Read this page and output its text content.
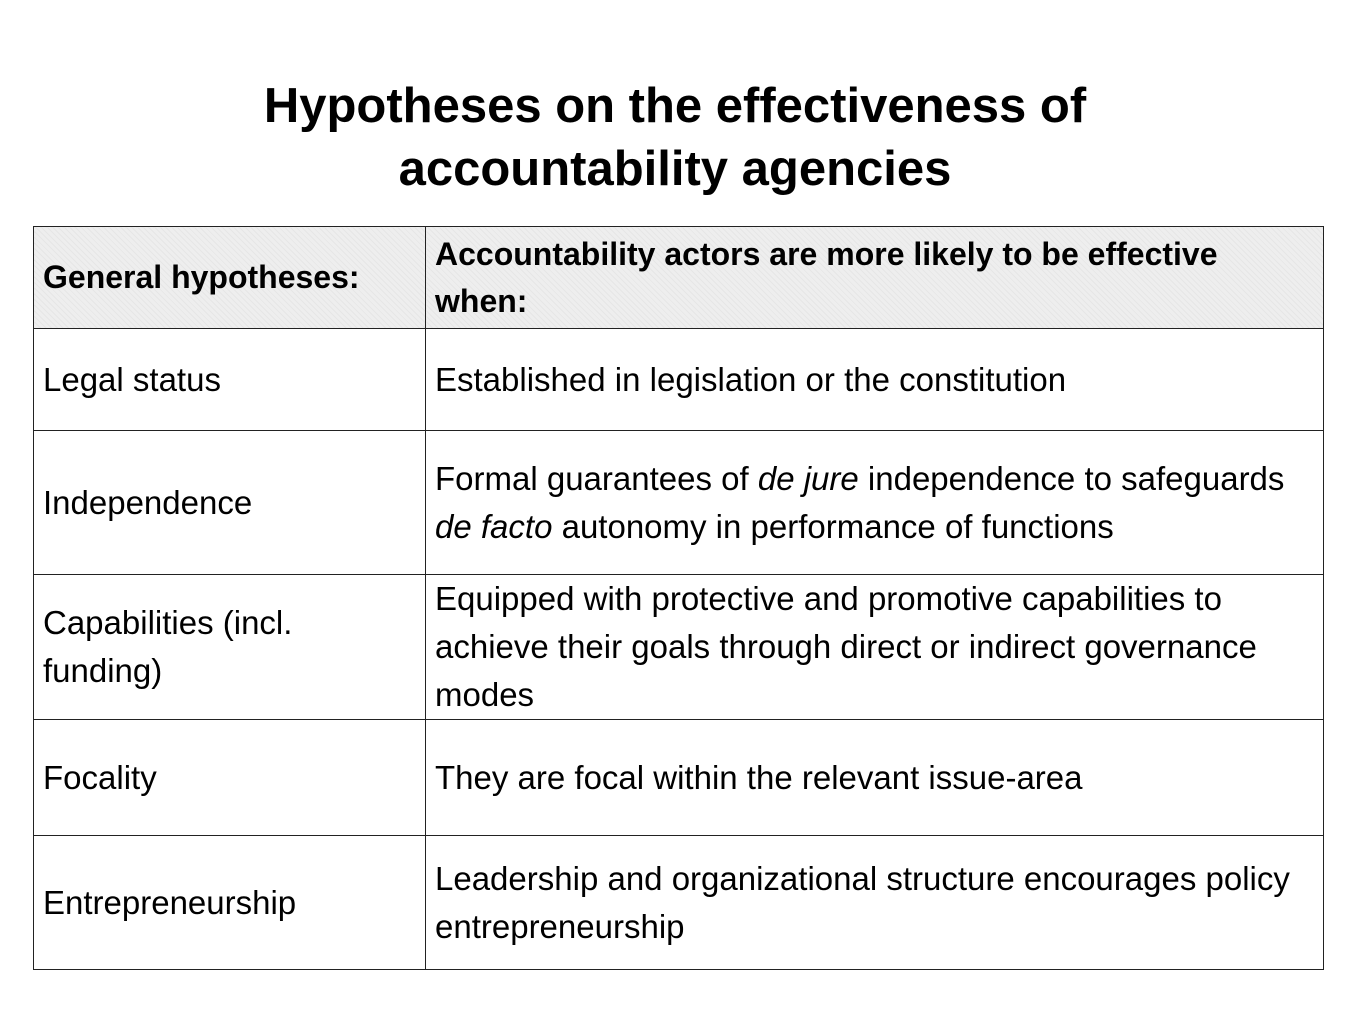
Hypotheses on the effectiveness of
accountability agencies
General hypotheses:	Accountability actors are more likely to be effective when:
Legal status	Established in legislation or the constitution
Independence	Formal guarantees of de jure independence to safeguards de facto autonomy in performance of functions
Capabilities (incl. funding)	Equipped with protective and promotive capabilities to achieve their goals through direct or indirect governance modes
Focality	They are focal within the relevant issue-area
Entrepreneurship	Leadership and organizational structure encourages policy entrepreneurship
